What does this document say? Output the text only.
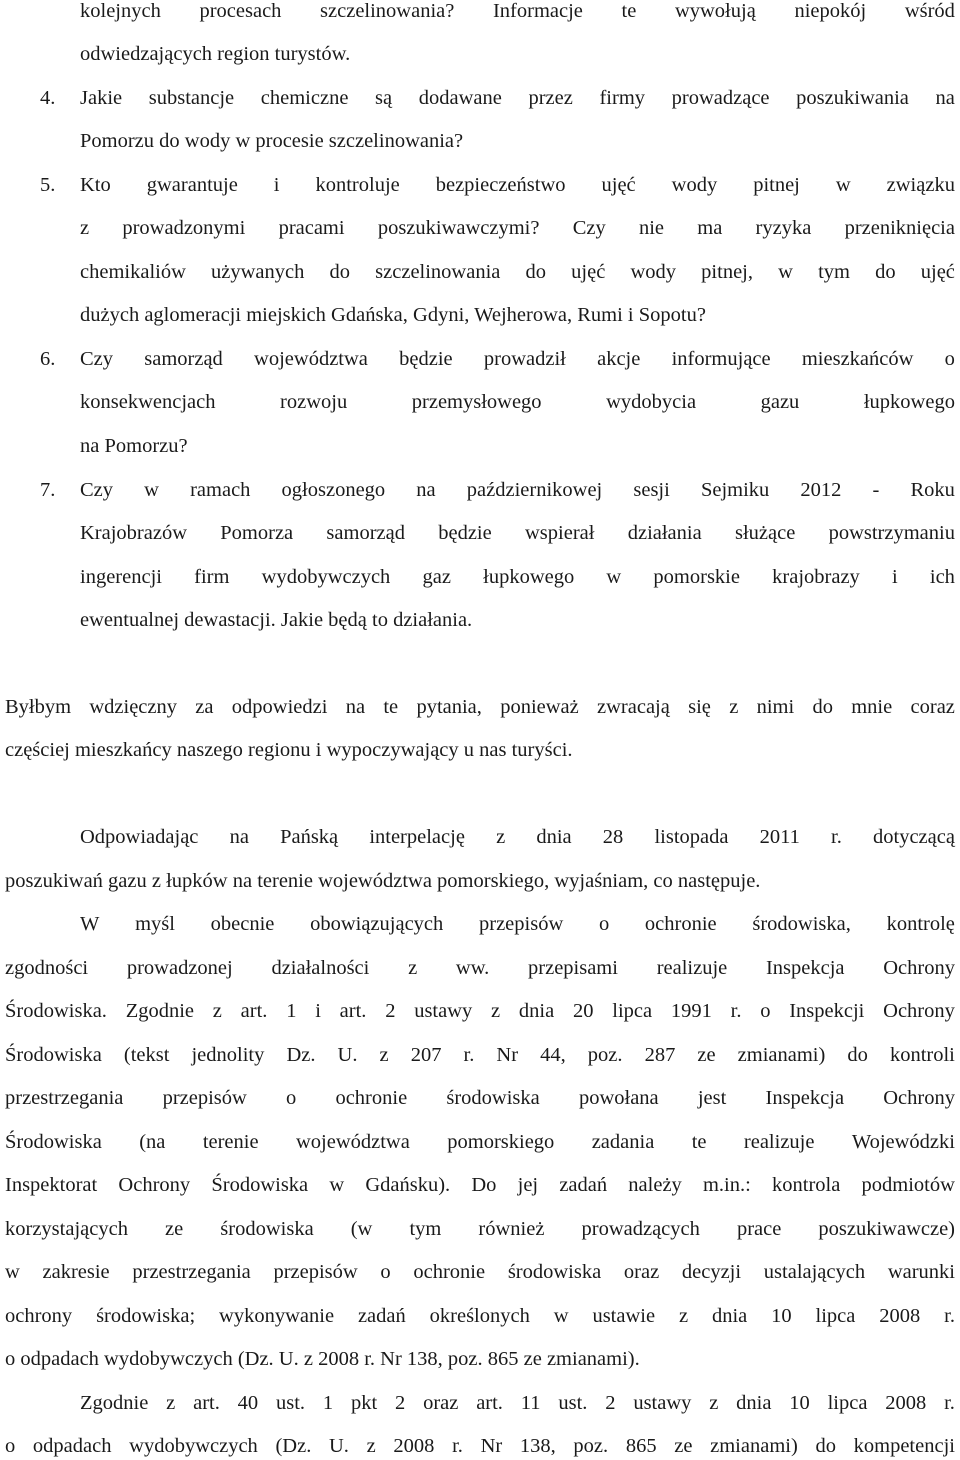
kolejnych procesach szczelinowania? Informacje te wywołują niepokój wśród
odwiedzających region turystów.
4. Jakie substancje chemiczne są dodawane przez firmy prowadzące poszukiwania na
Pomorzu do wody w procesie szczelinowania?
5. Kto gwarantuje i kontroluje bezpieczeństwo ujęć wody pitnej w związku
z prowadzonymi pracami poszukiwawczymi? Czy nie ma ryzyka przeniknięcia
chemikaliów używanych do szczelinowania do ujęć wody pitnej, w tym do ujęć
dużych aglomeracji miejskich Gdańska, Gdyni, Wejherowa, Rumi i Sopotu?
6. Czy samorząd województwa będzie prowadził akcje informujące mieszkańców o
konsekwencjach	rozwoju	przemysłowego	wydobycia	gazu	łupkowego
na Pomorzu?
7. Czy w ramach ogłoszonego na październikowej sesji Sejmiku 2012 - Roku
Krajobrazów Pomorza samorząd będzie wspierał działania służące powstrzymaniu
ingerencji firm wydobywczych gaz łupkowego w pomorskie krajobrazy i ich
ewentualnej dewastacji. Jakie będą to działania.
Byłbym wdzięczny za odpowiedzi na te pytania, ponieważ zwracają się z nimi do mnie coraz
częściej mieszkańcy naszego regionu i wypoczywający u nas turyści.
Odpowiadając na Pańską interpelację z dnia 28 listopada 2011 r. dotyczącą
poszukiwań gazu z łupków na terenie województwa pomorskiego, wyjaśniam, co następuje.
W myśl obecnie obowiązujących przepisów o ochronie środowiska, kontrolę
zgodności prowadzonej działalności z ww. przepisami realizuje Inspekcja Ochrony
Środowiska. Zgodnie z art. 1 i art. 2 ustawy z dnia 20 lipca 1991 r. o Inspekcji Ochrony
Środowiska (tekst jednolity Dz. U. z 207 r. Nr 44, poz. 287 ze zmianami) do kontroli
przestrzegania przepisów o ochronie środowiska powołana jest Inspekcja Ochrony
Środowiska (na terenie województwa pomorskiego zadania te realizuje Wojewódzki
Inspektorat Ochrony Środowiska w Gdańsku). Do jej zadań należy m.in.: kontrola podmiotów
korzystających ze środowiska (w tym również prowadzących prace poszukiwawcze)
w zakresie przestrzegania przepisów o ochronie środowiska oraz decyzji ustalających warunki
ochrony środowiska; wykonywanie zadań określonych w ustawie z dnia 10 lipca 2008 r.
o odpadach wydobywczych (Dz. U. z 2008 r. Nr 138, poz. 865 ze zmianami).
Zgodnie z art. 40 ust. 1 pkt 2 oraz art. 11 ust. 2 ustawy z dnia 10 lipca 2008 r.
o odpadach wydobywczych (Dz. U. z 2008 r. Nr 138, poz. 865 ze zmianami) do kompetencji
